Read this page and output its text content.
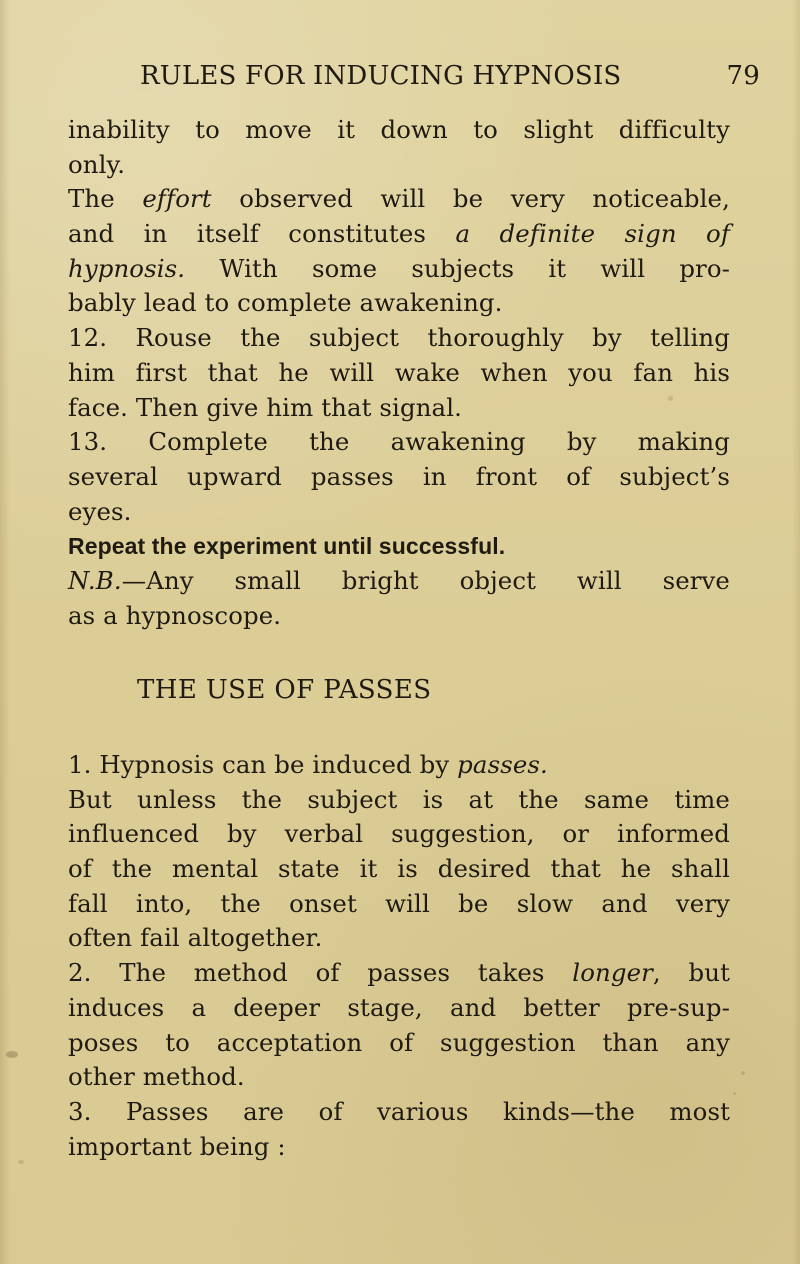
RULES FOR INDUCING HYPNOSIS	79
inability to move it down to slight difficulty
only.
The effort observed will be very noticeable,
and in itself constitutes a definite sign of
hypnosis. With some subjects it will pro-
bably lead to complete awakening.
12. Rouse the subject thoroughly by telling
him first that he will wake when you fan his
face. Then give him that signal.
13. Complete the awakening by making
several upward passes in front of subject’s
eyes.
Repeat the experiment until successful.
N.B.—Any small bright object will serve
as a hypnoscope.
THE USE OF PASSES
1. Hypnosis can be induced by passes.
But unless the subject is at the same time
influenced by verbal suggestion, or informed
of the mental state it is desired that he shall
fall into, the onset will be slow and very
often fail altogether.
2. The method of passes takes longer, but
induces a deeper stage, and better pre-sup-
poses to acceptation of suggestion than any
other method.
3. Passes are of various kinds—the most
important being :
